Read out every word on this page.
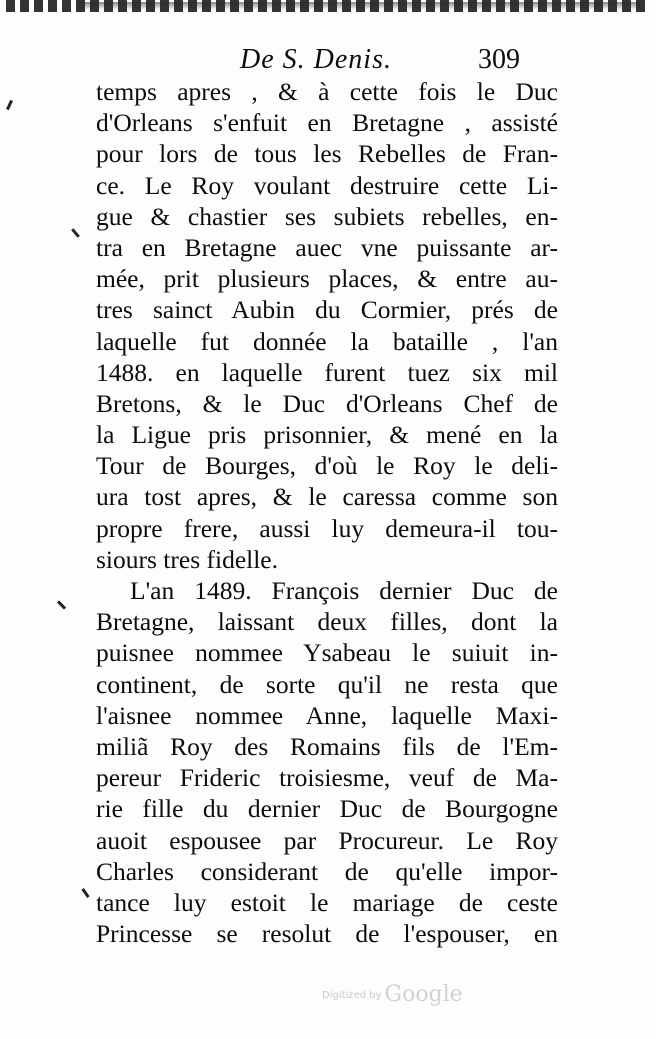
De S. Denis.	309
temps apres , & à cette fois le Duc
d'Orleans s'enfuit en Bretagne , assisté
pour lors de tous les Rebelles de Fran-
ce. Le Roy voulant destruire cette Li-
gue & chastier ses subiets rebelles, en-
tra en Bretagne auec vne puissante ar-
mée, prit plusieurs places, & entre au-
tres sainct Aubin du Cormier, prés de
laquelle fut donnée la bataille , l'an
1488. en laquelle furent tuez six mil
Bretons, & le Duc d'Orleans Chef de
la Ligue pris prisonnier, & mené en la
Tour de Bourges, d'où le Roy le deli-
ura tost apres, & le caressa comme son
propre frere, aussi luy demeura-il tou-
siours tres fidelle.
L'an 1489. François dernier Duc de
Bretagne, laissant deux filles, dont la
puisnee nommee Ysabeau le suiuit in-
continent, de sorte qu'il ne resta que
l'aisnee nommee Anne, laquelle Maxi-
miliã Roy des Romains fils de l'Em-
pereur Frideric troisiesme, veuf de Ma-
rie fille du dernier Duc de Bourgogne
auoit espousee par Procureur. Le Roy
Charles considerant de qu'elle impor-
tance luy estoit le mariage de ceste
Princesse se resolut de l'espouser, en
Digitized by Google
